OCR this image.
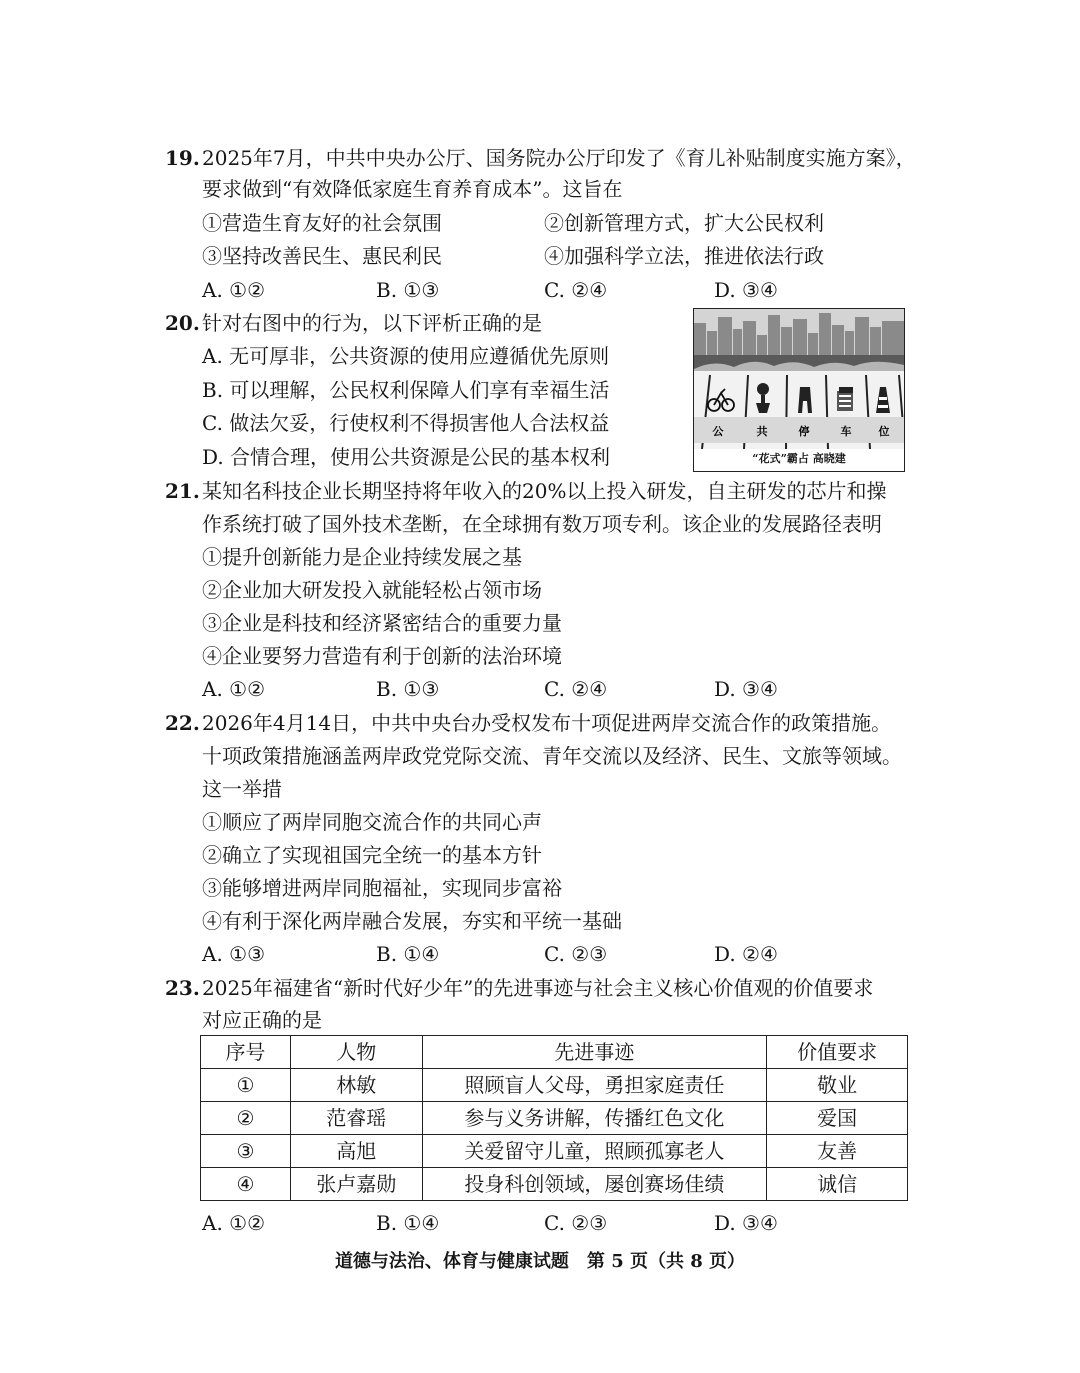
19. 2025年7月，中共中央办公厅、国务院办公厅印发了《育儿补贴制度实施方案》，
要求做到“有效降低家庭生育养育成本”。这旨在
①营造生育友好的社会氛围	②创新管理方式，扩大公民权利
③坚持改善民生、惠民利民	④加强科学立法，推进依法行政
A. ①②	B. ①③	C. ②④	D. ③④
20. 针对右图中的行为，以下评析正确的是
A. 无可厚非，公共资源的使用应遵循优先原则
B. 可以理解，公民权利保障人们享有幸福生活
C. 做法欠妥，行使权利不得损害他人合法权益
D. 合情合理，使用公共资源是公民的基本权利
公	共	停	车 位
“花式”霸占 高晓建
21. 某知名科技企业长期坚持将年收入的20%以上投入研发，自主研发的芯片和操
作系统打破了国外技术垄断，在全球拥有数万项专利。该企业的发展路径表明
①提升创新能力是企业持续发展之基
②企业加大研发投入就能轻松占领市场
③企业是科技和经济紧密结合的重要力量
④企业要努力营造有利于创新的法治环境
A. ①②	B. ①③	C. ②④	D. ③④
22. 2026年4月14日，中共中央台办受权发布十项促进两岸交流合作的政策措施。
十项政策措施涵盖两岸政党党际交流、青年交流以及经济、民生、文旅等领域。
这一举措
①顺应了两岸同胞交流合作的共同心声
②确立了实现祖国完全统一的基本方针
③能够增进两岸同胞福祉，实现同步富裕
④有利于深化两岸融合发展，夯实和平统一基础
A. ①③	B. ①④	C. ②③	D. ②④
23. 2025年福建省“新时代好少年”的先进事迹与社会主义核心价值观的价值要求
对应正确的是
序号	人物	先进事迹	价值要求
①	林敏	照顾盲人父母，勇担家庭责任	敬业
②	范睿瑶	参与义务讲解，传播红色文化	爱国
③	高旭	关爱留守儿童，照顾孤寡老人	友善
④	张卢嘉勋	投身科创领域，屡创赛场佳绩	诚信
A. ①②	B. ①④	C. ②③	D. ③④
道德与法治、体育与健康试题　第 5 页（共 8 页）
